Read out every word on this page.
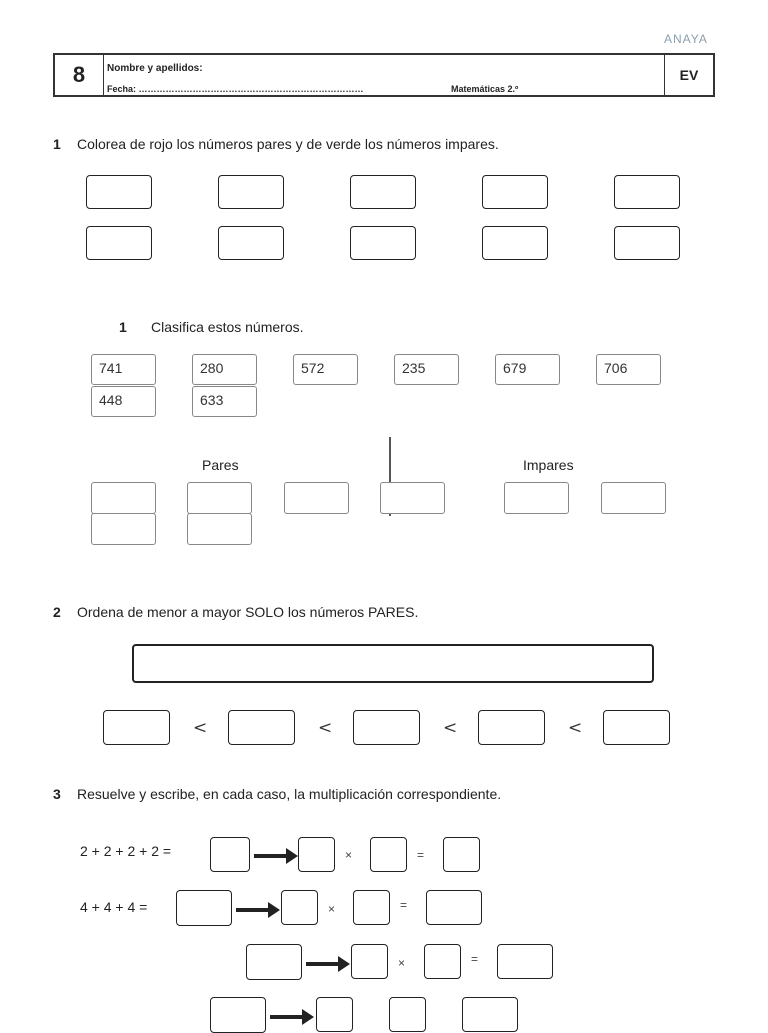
ANAYA
8	Nombre y apellidos:
Fecha: …………………………………………………………………	Matemáticas 2.º
EV
1 Colorea de rojo los números pares y de verde los números impares.
1 Clasifica estos números.
741	280	572	235	679	706
448	633
Pares	Impares
2 Ordena de menor a mayor SOLO los números PARES.
<	<	<	<
3 Resuelve y escribe, en cada caso, la multiplicación correspondiente.
2 + 2 + 2 + 2 =	×	=
4 + 4 + 4 =	×	=
×	=
